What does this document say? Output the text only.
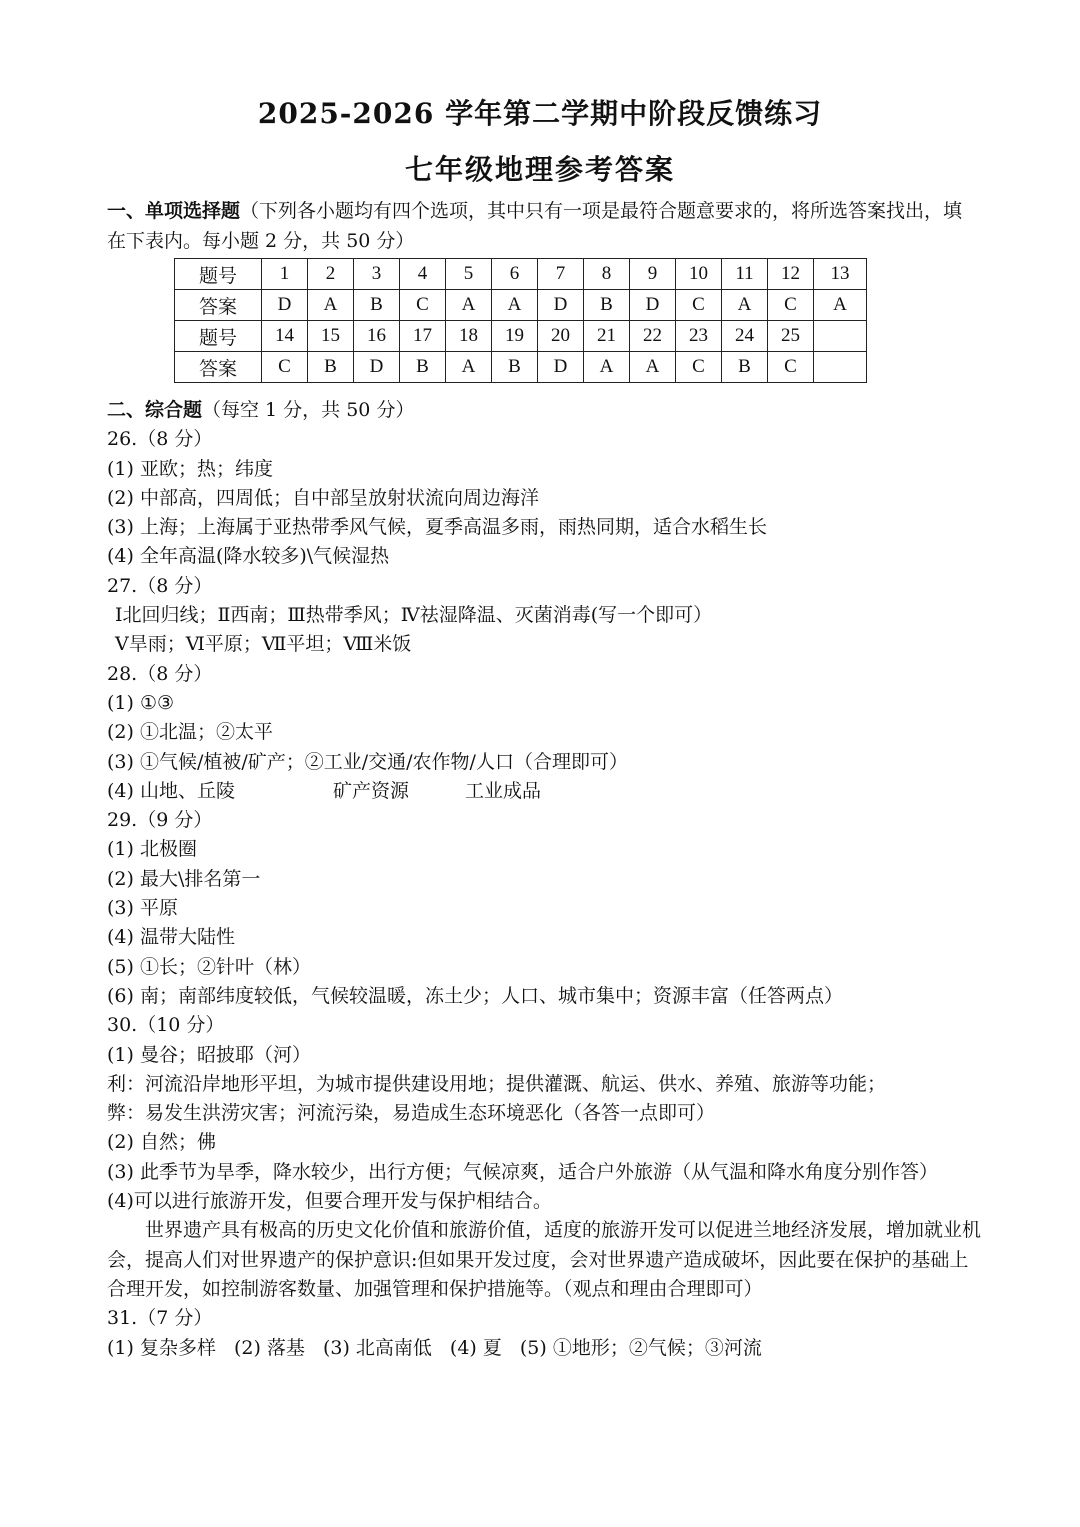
2025-2026 学年第二学期中阶段反馈练习
七年级地理参考答案
一、单项选择题（下列各小题均有四个选项，其中只有一项是最符合题意要求的，将所选答案找出，填在下表内。每小题 2 分，共 50 分）
题号	1	2	3	4	5	6	7	8	9	10	11	12	13
答案	D	A	B	C	A	A	D	B	D	C	A	C	A
题号	14	15	16	17	18	19	20	21	22	23	24	25	
答案	C	B	D	B	A	B	D	A	A	C	B	C	
二、综合题（每空 1 分，共 50 分）
26.（8 分）
(1) 亚欧；热；纬度
(2) 中部高，四周低；自中部呈放射状流向周边海洋
(3) 上海；上海属于亚热带季风气候，夏季高温多雨，雨热同期，适合水稻生长
(4) 全年高温(降水较多)\气候湿热
27.（8 分）
Ⅰ北回归线；Ⅱ西南；Ⅲ热带季风；Ⅳ祛湿降温、灭菌消毒(写一个即可）
Ⅴ旱雨；Ⅵ平原；Ⅶ平坦；Ⅷ米饭
28.（8 分）
(1) ①③
(2) ①北温；②太平
(3) ①气候/植被/矿产；②工业/交通/农作物/人口（合理即可）
(4) 山地、丘陵	矿产资源	工业成品
29.（9 分）
(1) 北极圈
(2) 最大\排名第一
(3) 平原
(4) 温带大陆性
(5) ①长；②针叶（林）
(6) 南；南部纬度较低，气候较温暖，冻土少；人口、城市集中；资源丰富（任答两点）
30.（10 分）
(1) 曼谷；昭披耶（河）
利：河流沿岸地形平坦，为城市提供建设用地；提供灌溉、航运、供水、养殖、旅游等功能；
弊：易发生洪涝灾害；河流污染，易造成生态环境恶化（各答一点即可）
(2) 自然；佛
(3) 此季节为旱季，降水较少，出行方便；气候凉爽，适合户外旅游（从气温和降水角度分别作答）
(4)可以进行旅游开发，但要合理开发与保护相结合。
世界遗产具有极高的历史文化价值和旅游价值，适度的旅游开发可以促进兰地经济发展，增加就业机会，提高人们对世界遗产的保护意识:但如果开发过度，会对世界遗产造成破坏，因此要在保护的基础上合理开发，如控制游客数量、加强管理和保护措施等。（观点和理由合理即可）
31.（7 分）
(1) 复杂多样 (2) 落基 (3) 北高南低 (4) 夏 (5) ①地形；②气候；③河流
